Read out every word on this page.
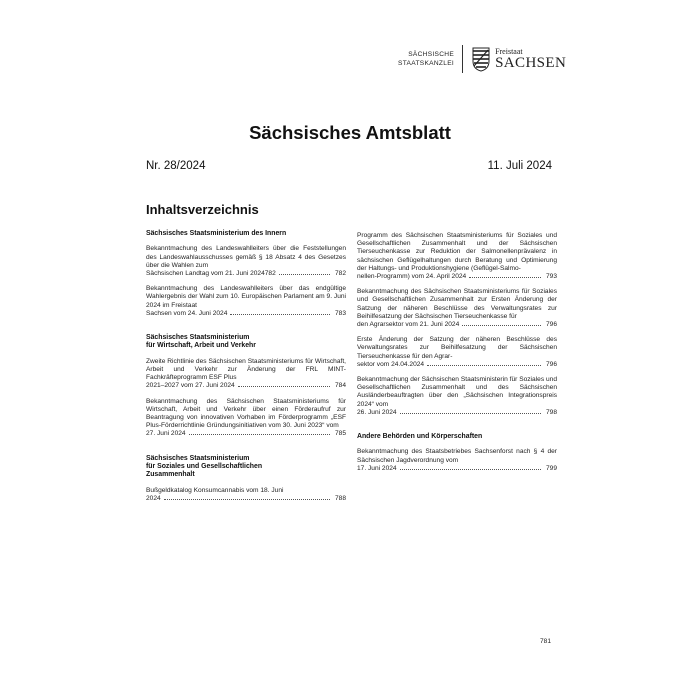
SÄCHSISCHE
STAATSKANZLEI
Freistaat
SACHSEN
Sächsisches Amtsblatt
Nr. 28/2024	11. Juli 2024
Inhaltsverzeichnis
Sächsisches Staatsministerium des Innern
Bekanntmachung des Landeswahlleiters über die Feststellungen des Landeswahlausschusses gemäß § 18 Absatz 4 des Gesetzes über die Wahlen zum
Sächsischen Landtag vom 21. Juni 2024782	782
Bekanntmachung des Landeswahlleiters über das endgültige Wahlergebnis der Wahl zum 10. Europäischen Parlament am 9. Juni 2024 im Freistaat
Sachsen vom 24. Juni 2024	783
Sächsisches Staatsministerium
für Wirtschaft, Arbeit und Verkehr
Zweite Richtlinie des Sächsischen Staatsministeriums für Wirtschaft, Arbeit und Verkehr zur Änderung der FRL MINT-Fachkräfteprogramm ESF Plus
2021–2027 vom 27. Juni 2024	784
Bekanntmachung des Sächsischen Staatsministeriums für Wirtschaft, Arbeit und Verkehr über einen Förderaufruf zur Beantragung von innovativen Vorhaben im Förderprogramm „ESF Plus-Förderrichtlinie Gründungsinitiativen vom 30. Juni 2023“ vom
27. Juni 2024	785
Sächsisches Staatsministerium
für Soziales und Gesellschaftlichen
Zusammenhalt
Bußgeldkatalog Konsumcannabis vom 18. Juni
2024	788
Programm des Sächsischen Staatsministeriums für Soziales und Gesellschaftlichen Zusammenhalt und der Sächsischen Tierseuchenkasse zur Reduktion der Salmonellenprävalenz in sächsischen Geflügelhaltungen durch Beratung und Optimierung der Haltungs- und Produktionshygiene (Geflügel-Salmo-
nellen-Programm) vom 24. April 2024	793
Bekanntmachung des Sächsischen Staatsministeriums für Soziales und Gesellschaftlichen Zusammenhalt zur Ersten Änderung der Satzung der näheren Beschlüsse des Verwaltungsrates zur Beihilfesatzung der Sächsischen Tierseuchenkasse für
den Agrarsektor vom 21. Juni 2024	796
Erste Änderung der Satzung der näheren Beschlüsse des Verwaltungsrates zur Beihilfesatzung der Sächsischen Tierseuchenkasse für den Agrar-
sektor vom 24.04.2024	796
Bekanntmachung der Sächsischen Staatsministerin für Soziales und Gesellschaftlichen Zusammenhalt und des Sächsischen Ausländerbeauftragten über den „Sächsischen Integrationspreis 2024“ vom
26. Juni 2024	798
Andere Behörden und Körperschaften
Bekanntmachung des Staatsbetriebes Sachsenforst nach § 4 der Sächsischen Jagdverordnung vom
17. Juni 2024	799
781
